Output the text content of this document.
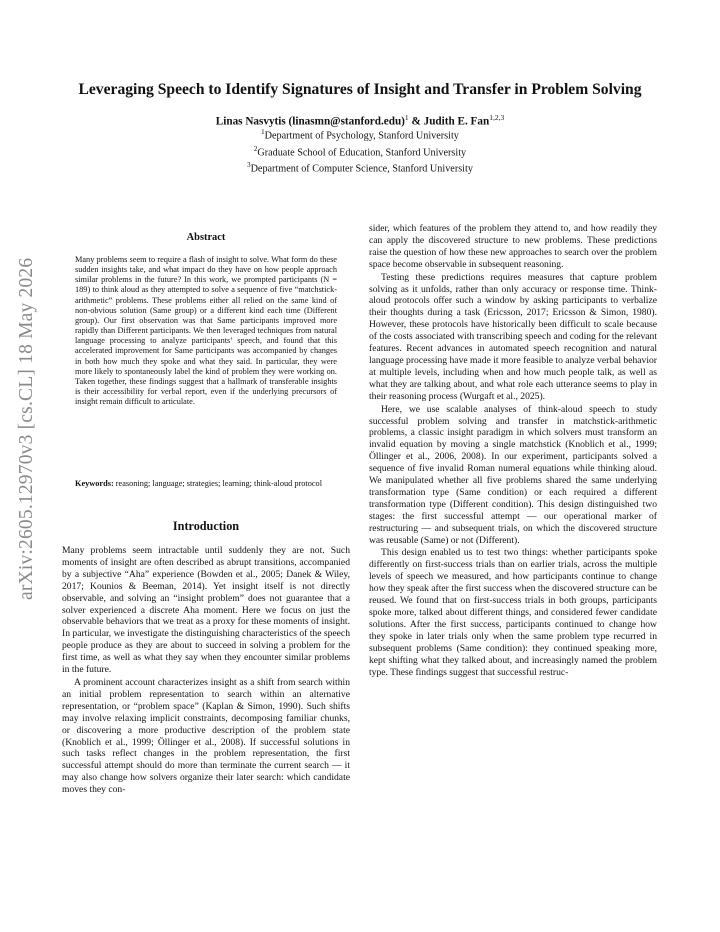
arXiv:2605.12970v3 [cs.CL] 18 May 2026
Leveraging Speech to Identify Signatures of Insight and Transfer in Problem Solving
Linas Nasvytis (linasmn@stanford.edu)$^1$ & Judith E. Fan$^{1,2,3}$
$^1$Department of Psychology, Stanford University
$^2$Graduate School of Education, Stanford University
$^3$Department of Computer Science, Stanford University
Abstract
Many problems seem to require a flash of insight to solve. What form do these sudden insights take, and what impact do they have on how people approach similar problems in the future? In this work, we prompted participants (N = 189) to think aloud as they attempted to solve a sequence of five “matchstick-arithmetic” problems. These problems either all relied on the same kind of non-obvious solution (Same group) or a different kind each time (Different group). Our first observation was that Same participants improved more rapidly than Different participants. We then leveraged techniques from natural language processing to analyze participants’ speech, and found that this accelerated improvement for Same participants was accompanied by changes in both how much they spoke and what they said. In particular, they were more likely to spontaneously label the kind of problem they were working on. Taken together, these findings suggest that a hallmark of transferable insights is their accessibility for verbal report, even if the underlying precursors of insight remain difficult to articulate.
Keywords: reasoning; language; strategies; learning; think-aloud protocol
Introduction

Many problems seem intractable until suddenly they are not. Such moments of insight are often described as abrupt transitions, accompanied by a subjective “Aha” experience (Bowden et al., 2005; Danek & Wiley, 2017; Kounios & Beeman, 2014). Yet insight itself is not directly observable, and solving an “insight problem” does not guarantee that a solver experienced a discrete Aha moment. Here we focus on just the observable behaviors that we treat as a proxy for these moments of insight. In particular, we investigate the distinguishing characteristics of the speech people produce as they are about to succeed in solving a problem for the first time, as well as what they say when they encounter similar problems in the future.

A prominent account characterizes insight as a shift from search within an initial problem representation to search within an alternative representation, or “problem space” (Kaplan & Simon, 1990). Such shifts may involve relaxing implicit constraints, decomposing familiar chunks, or discovering a more productive description of the problem state (Knoblich et al., 1999; Öllinger et al., 2008). If successful solutions in such tasks reflect changes in the problem representation, the first successful attempt should do more than terminate the current search — it may also change how solvers organize their later search: which candidate moves they con-

sider, which features of the problem they attend to, and how readily they can apply the discovered structure to new problems. These predictions raise the question of how these new approaches to search over the problem space become observable in subsequent reasoning.

Testing these predictions requires measures that capture problem solving as it unfolds, rather than only accuracy or response time. Think-aloud protocols offer such a window by asking participants to verbalize their thoughts during a task (Ericsson, 2017; Ericsson & Simon, 1980). However, these protocols have historically been difficult to scale because of the costs associated with transcribing speech and coding for the relevant features. Recent advances in automated speech recognition and natural language processing have made it more feasible to analyze verbal behavior at multiple levels, including when and how much people talk, as well as what they are talking about, and what role each utterance seems to play in their reasoning process (Wurgaft et al., 2025).

Here, we use scalable analyses of think-aloud speech to study successful problem solving and transfer in matchstick-arithmetic problems, a classic insight paradigm in which solvers must transform an invalid equation by moving a single matchstick (Knoblich et al., 1999; Öllinger et al., 2006, 2008). In our experiment, participants solved a sequence of five invalid Roman numeral equations while thinking aloud. We manipulated whether all five problems shared the same underlying transformation type (Same condition) or each required a different transformation type (Different condition). This design distinguished two stages: the first successful attempt — our operational marker of restructuring — and subsequent trials, on which the discovered structure was reusable (Same) or not (Different).

This design enabled us to test two things: whether participants spoke differently on first-success trials than on earlier trials, across the multiple levels of speech we measured, and how participants continue to change how they speak after the first success when the discovered structure can be reused. We found that on first-success trials in both groups, participants spoke more, talked about different things, and considered fewer candidate solutions. After the first success, participants continued to change how they spoke in later trials only when the same problem type recurred in subsequent problems (Same condition): they continued speaking more, kept shifting what they talked about, and increasingly named the problem type. These findings suggest that successful restruc-
